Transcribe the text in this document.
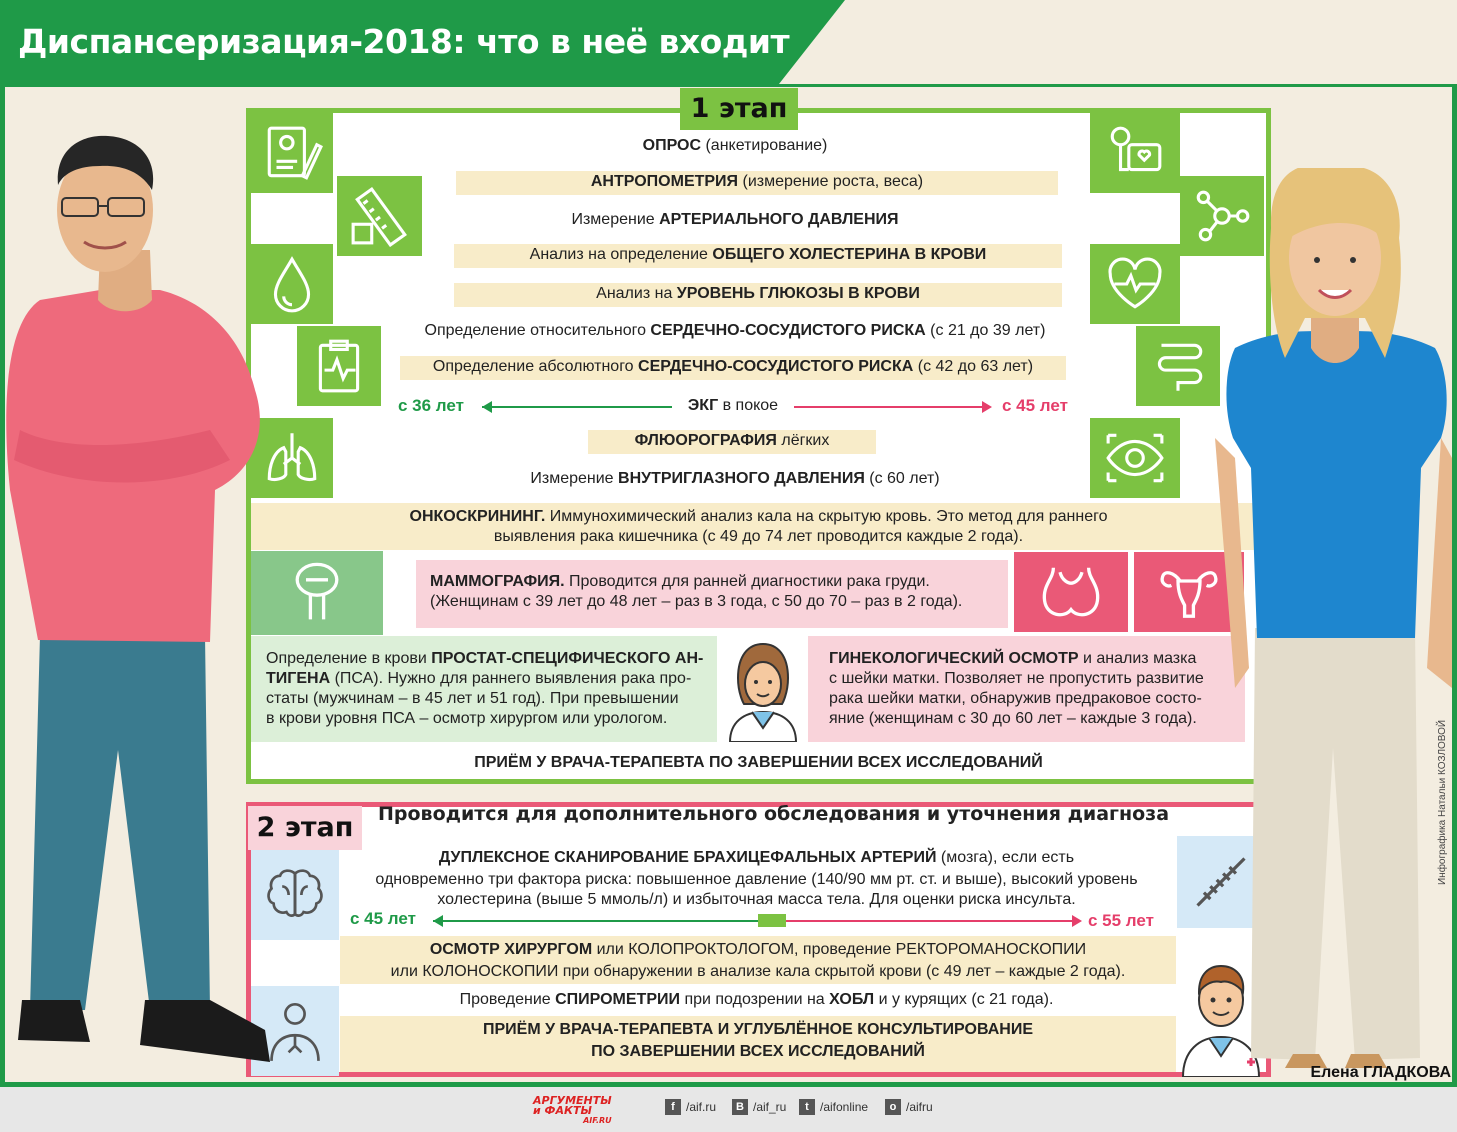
Диспансеризация-2018: что в неё входит
1 этап
ОПРОС (анкетирование)
АНТРОПОМЕТРИЯ (измерение роста, веса)
Измерение АРТЕРИАЛЬНОГО ДАВЛЕНИЯ
Анализ на определение ОБЩЕГО ХОЛЕСТЕРИНА В КРОВИ
Анализ на УРОВЕНЬ ГЛЮКОЗЫ В КРОВИ
Определение относительного СЕРДЕЧНО-СОСУДИСТОГО РИСКА (с 21 до 39 лет)
Определение абсолютного СЕРДЕЧНО-СОСУДИСТОГО РИСКА (с 42 до 63 лет)
с 36 лет	ЭКГ в покое	с 45 лет
ФЛЮОРОГРАФИЯ лёгких
Измерение ВНУТРИГЛАЗНОГО ДАВЛЕНИЯ (с 60 лет)
ОНКОСКРИНИНГ. Иммунохимический анализ кала на скрытую кровь. Это метод для раннего
выявления рака кишечника (с 49 до 74 лет проводится каждые 2 года).
МАММОГРАФИЯ. Проводится для ранней диагностики рака груди.
(Женщинам с 39 лет до 48 лет – раз в 3 года, с 50 до 70 – раз в 2 года).
Определение в крови ПРОСТАТ-СПЕЦИФИЧЕСКОГО АН-
ТИГЕНА (ПСА). Нужно для раннего выявления рака про-
статы (мужчинам – в 45 лет и 51 год). При превышении
в крови уровня ПСА – осмотр хирургом или урологом.
ГИНЕКОЛОГИЧЕСКИЙ ОСМОТР и анализ мазка
с шейки матки. Позволяет не пропустить развитие
рака шейки матки, обнаружив предраковое состо-
яние (женщинам с 30 до 60 лет – каждые 3 года).
ПРИЁМ У ВРАЧА-ТЕРАПЕВТА ПО ЗАВЕРШЕНИИ ВСЕХ ИССЛЕДОВАНИЙ
2 этап	Проводится для дополнительного обследования и уточнения диагноза
ДУПЛЕКСНОЕ СКАНИРОВАНИЕ БРАХИЦЕФАЛЬНЫХ АРТЕРИЙ (мозга), если есть
одновременно три фактора риска: повышенное давление (140/90 мм рт. ст. и выше), высокий уровень
холестерина (выше 5 ммоль/л) и избыточная масса тела. Для оценки риска инсульта.
с 45 лет	с 55 лет
ОСМОТР ХИРУРГОМ или КОЛОПРОКТОЛОГОМ, проведение РЕКТОРОМАНОСКОПИИ
или КОЛОНОСКОПИИ при обнаружении в анализе кала скрытой крови (с 49 лет – каждые 2 года).
Проведение СПИРОМЕТРИИ при подозрении на ХОБЛ и у курящих (с 21 года).
ПРИЁМ У ВРАЧА-ТЕРАПЕВТА И УГЛУБЛЁННОЕ КОНСУЛЬТИРОВАНИЕ
ПО ЗАВЕРШЕНИИ ВСЕХ ИССЛЕДОВАНИЙ
Елена ГЛАДКОВА
Инфографика Натальи КОЗЛОВОЙ
АРГУМЕНТЫ
и ФАКТЫ
AIF.RU
f /aif.ru	B /aif_ru	t /aifonline	o /aifru
